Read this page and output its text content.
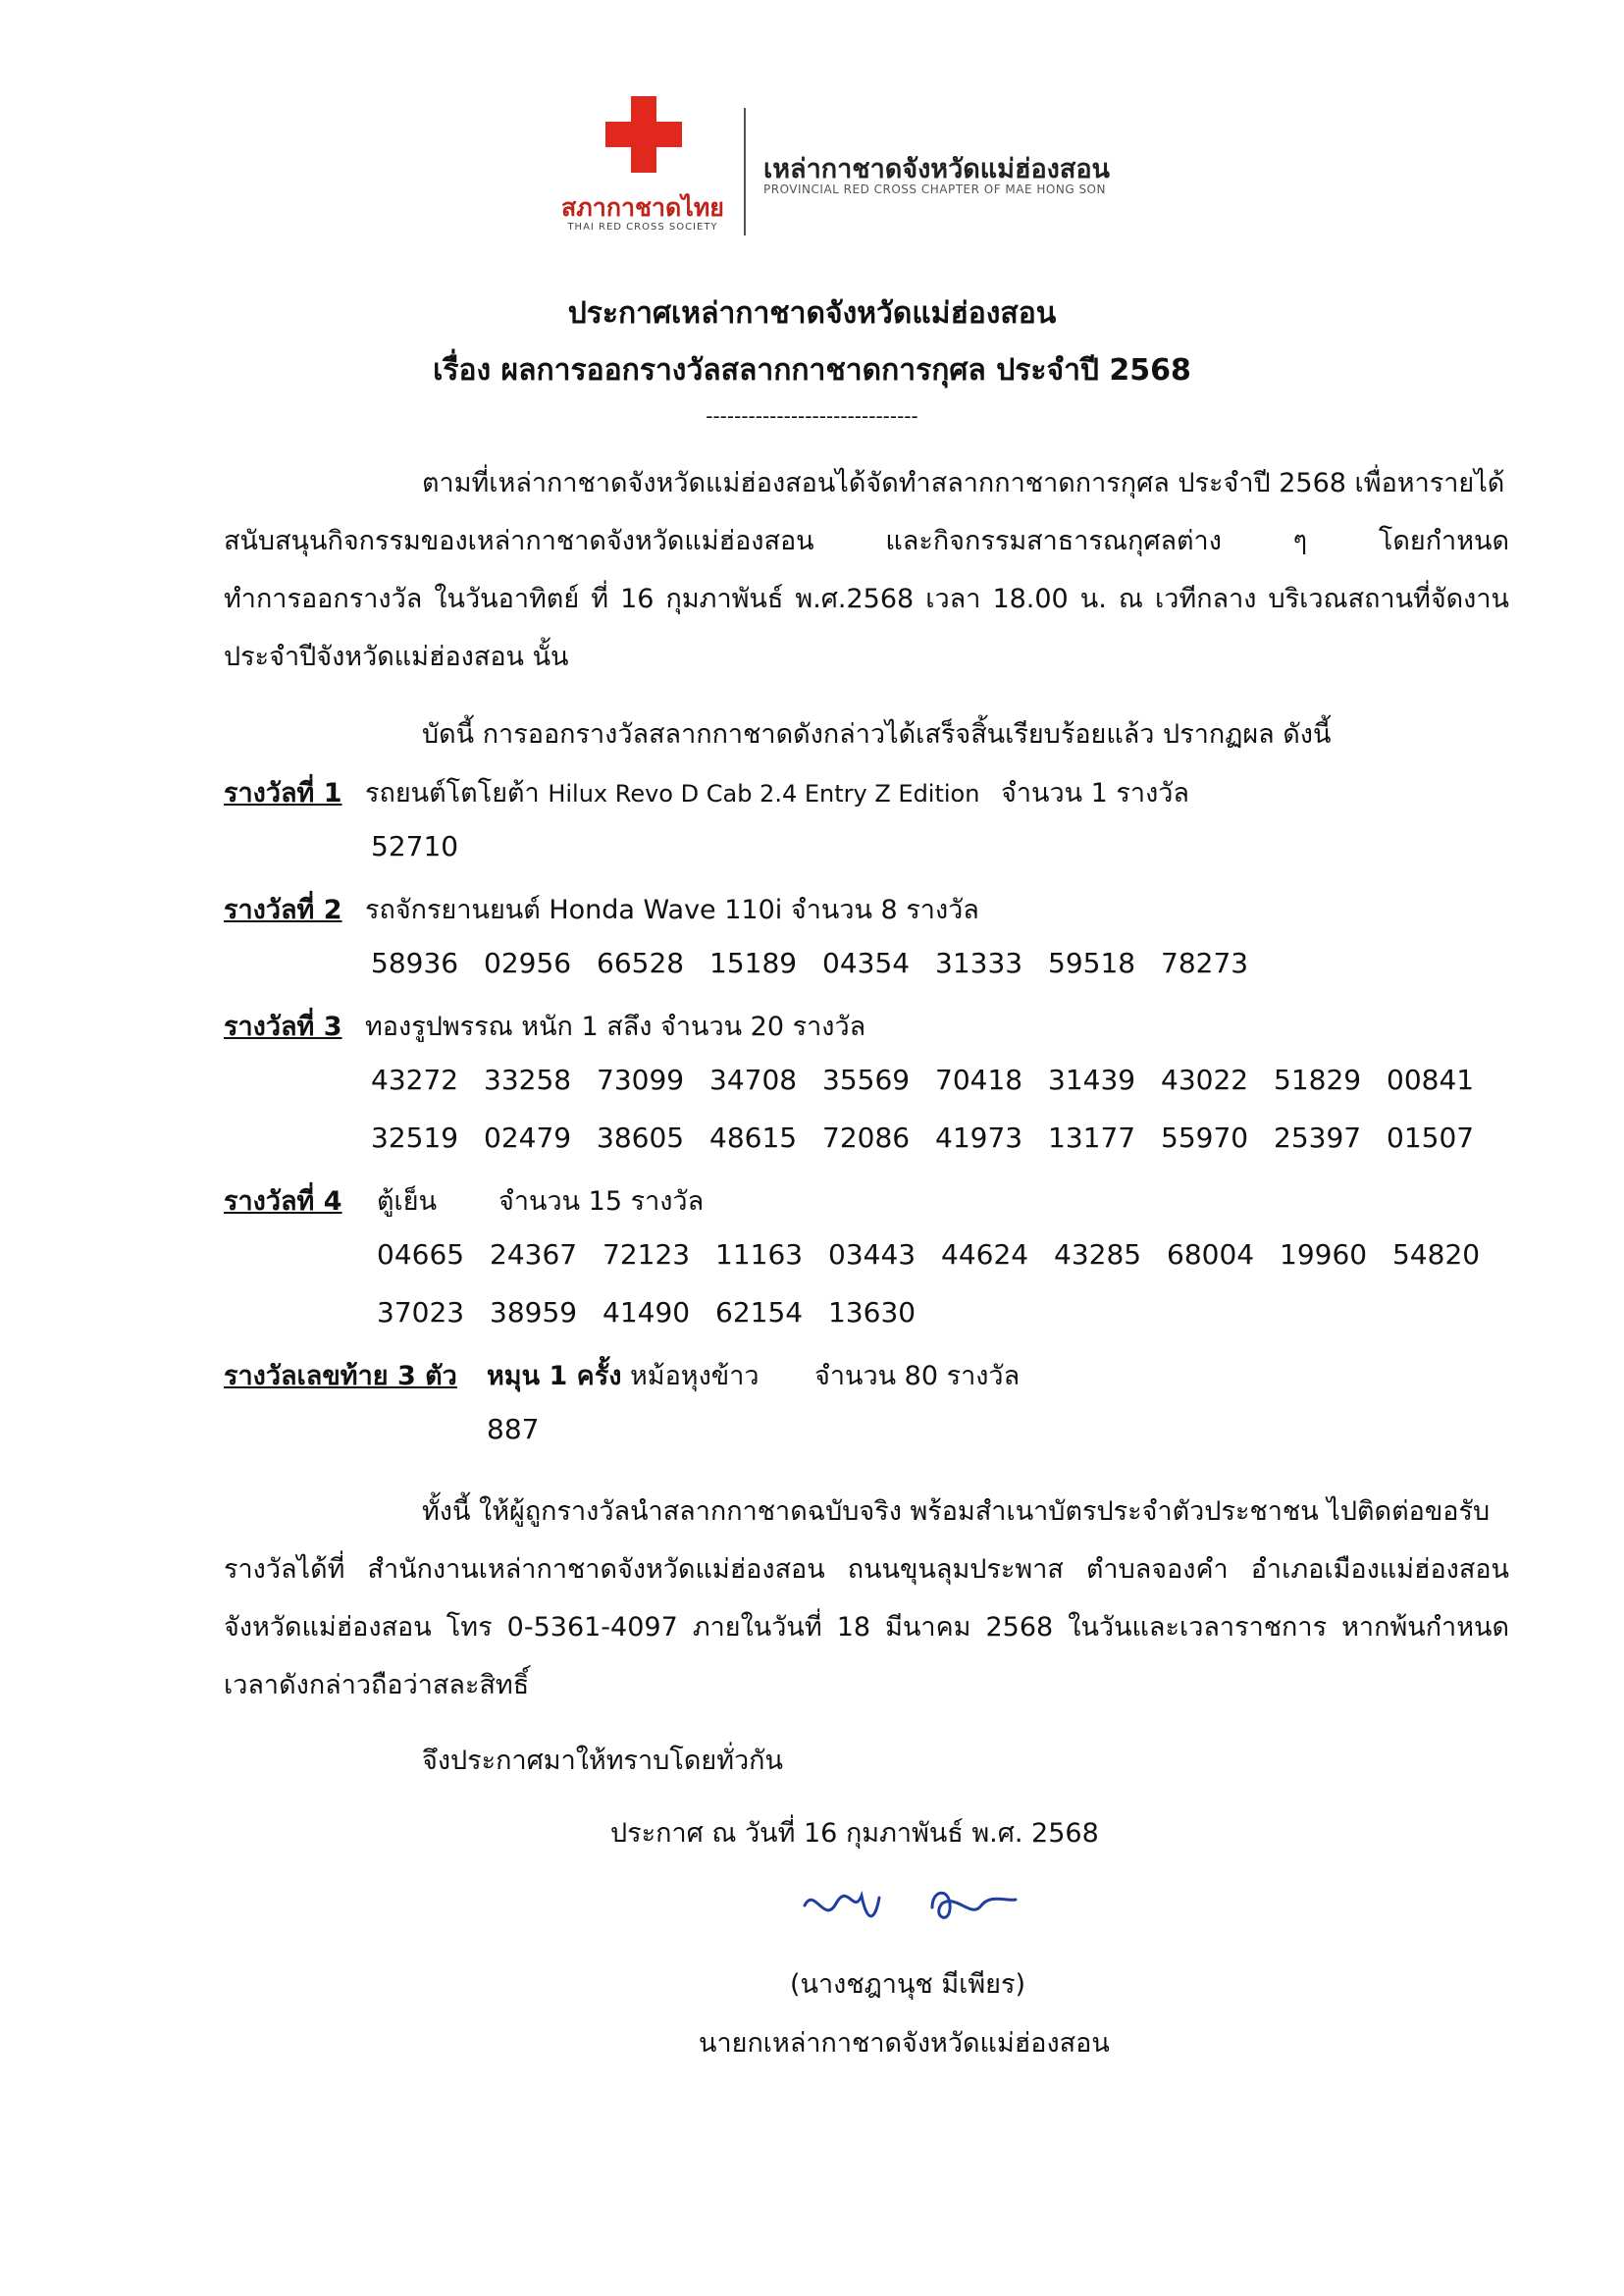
สภากาชาดไทย
THAI RED CROSS SOCIETY
เหล่ากาชาดจังหวัดแม่ฮ่องสอน
PROVINCIAL RED CROSS CHAPTER OF MAE HONG SON
ประกาศเหล่ากาชาดจังหวัดแม่ฮ่องสอน
เรื่อง ผลการออกรางวัลสลากกาชาดการกุศล ประจำปี 2568
------------------------------
ตามที่เหล่ากาชาดจังหวัดแม่ฮ่องสอนได้จัดทำสลากกาชาดการกุศล ประจำปี 2568 เพื่อหารายได้
สนับสนุนกิจกรรมของเหล่ากาชาดจังหวัดแม่ฮ่องสอน และกิจกรรมสาธารณกุศลต่าง ๆ โดยกำหนด
ทำการออกรางวัล ในวันอาทิตย์ ที่ 16 กุมภาพันธ์ พ.ศ.2568 เวลา 18.00 น. ณ เวทีกลาง บริเวณสถานที่จัดงาน
ประจำปีจังหวัดแม่ฮ่องสอน นั้น
บัดนี้ การออกรางวัลสลากกาชาดดังกล่าวได้เสร็จสิ้นเรียบร้อยแล้ว ปรากฏผล ดังนี้
รางวัลที่ 1 รถยนต์โตโยต้า Hilux Revo D Cab 2.4 Entry Z Edition จำนวน 1 รางวัล
52710
รางวัลที่ 2 รถจักรยานยนต์ Honda Wave 110i จำนวน 8 รางวัล
58936 02956 66528 15189 04354 31333 59518 78273
รางวัลที่ 3 ทองรูปพรรณ หนัก 1 สลึง จำนวน 20 รางวัล
43272 33258 73099 34708 35569 70418 31439 43022 51829 00841
32519 02479 38605 48615 72086 41973 13177 55970 25397 01507
รางวัลที่ 4 ตู้เย็น จำนวน 15 รางวัล
04665 24367 72123 11163 03443 44624 43285 68004 19960 54820
37023 38959 41490 62154 13630
รางวัลเลขท้าย 3 ตัว หมุน 1 ครั้ง หม้อหุงข้าว จำนวน 80 รางวัล
887
ทั้งนี้ ให้ผู้ถูกรางวัลนำสลากกาชาดฉบับจริง พร้อมสำเนาบัตรประจำตัวประชาชน ไปติดต่อขอรับ
รางวัลได้ที่ สำนักงานเหล่ากาชาดจังหวัดแม่ฮ่องสอน ถนนขุนลุมประพาส ตำบลจองคำ อำเภอเมืองแม่ฮ่องสอน
จังหวัดแม่ฮ่องสอน โทร 0-5361-4097 ภายในวันที่ 18 มีนาคม 2568 ในวันและเวลาราชการ หากพ้นกำหนด
เวลาดังกล่าวถือว่าสละสิทธิ์
จึงประกาศมาให้ทราบโดยทั่วกัน
ประกาศ ณ วันที่ 16 กุมภาพันธ์ พ.ศ. 2568
(นางชฎานุช มีเพียร)
นายกเหล่ากาชาดจังหวัดแม่ฮ่องสอน
